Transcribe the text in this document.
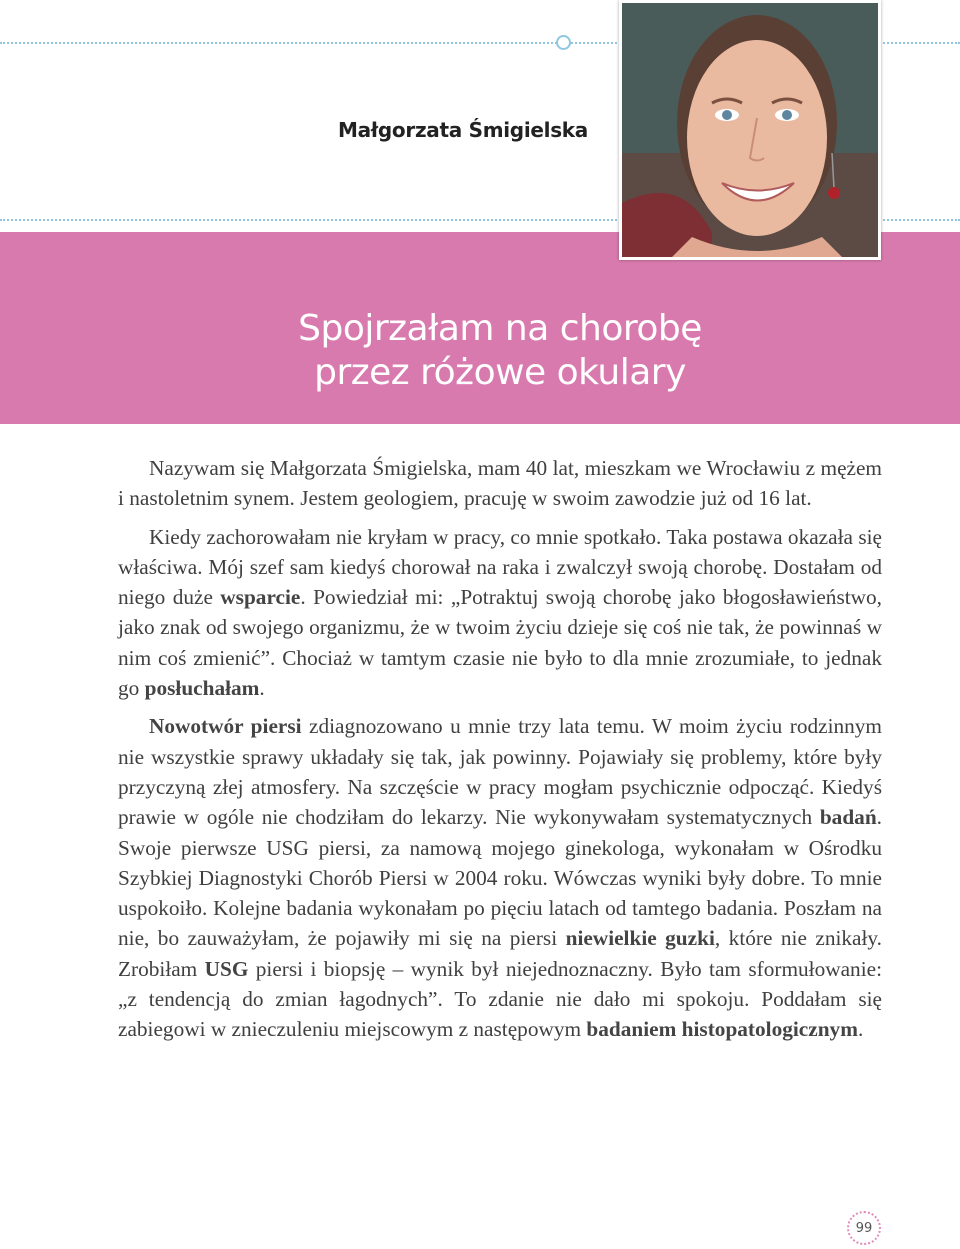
Małgorzata Śmigielska
Spojrzałam na chorobę
przez różowe okulary

Nazywam się Małgorzata Śmigielska, mam 40 lat, mieszkam we Wrocławiu z mężem i nastoletnim synem. Jestem geologiem, pracuję w swoim zawodzie już od 16 lat.

Kiedy zachorowałam nie kryłam w pracy, co mnie spotkało. Taka postawa okazała się właściwa. Mój szef sam kiedyś chorował na raka i zwalczył swoją chorobę. Dostałam od niego duże wsparcie. Powiedział mi: „Potraktuj swoją chorobę jako błogosławieństwo, jako znak od swojego organizmu, że w twoim życiu dzieje się coś nie tak, że powinnaś w nim coś zmienić”. Chociaż w tamtym czasie nie było to dla mnie zrozumiałe, to jednak go posłuchałam.

Nowotwór piersi zdiagnozowano u mnie trzy lata temu. W moim życiu rodzinnym nie wszystkie sprawy układały się tak, jak powinny. Pojawiały się problemy, które były przyczyną złej atmosfery. Na szczęście w pracy mogłam psychicznie odpocząć. Kiedyś prawie w ogóle nie chodziłam do lekarzy. Nie wykonywałam systematycznych badań. Swoje pierwsze USG piersi, za namową mojego ginekologa, wykonałam w Ośrodku Szybkiej Diagnostyki Chorób Piersi w 2004 roku. Wówczas wyniki były dobre. To mnie uspokoiło. Kolejne badania wykonałam po pięciu latach od tamtego badania. Poszłam na nie, bo zauważyłam, że pojawiły mi się na piersi niewielkie guzki, które nie znikały. Zrobiłam USG piersi i biopsję – wynik był niejednoznaczny. Było tam sformułowanie: „z tendencją do zmian łagodnych”. To zdanie nie dało mi spokoju. Poddałam się zabiegowi w znieczuleniu miejscowym z następowym badaniem histopatologicznym.

99
